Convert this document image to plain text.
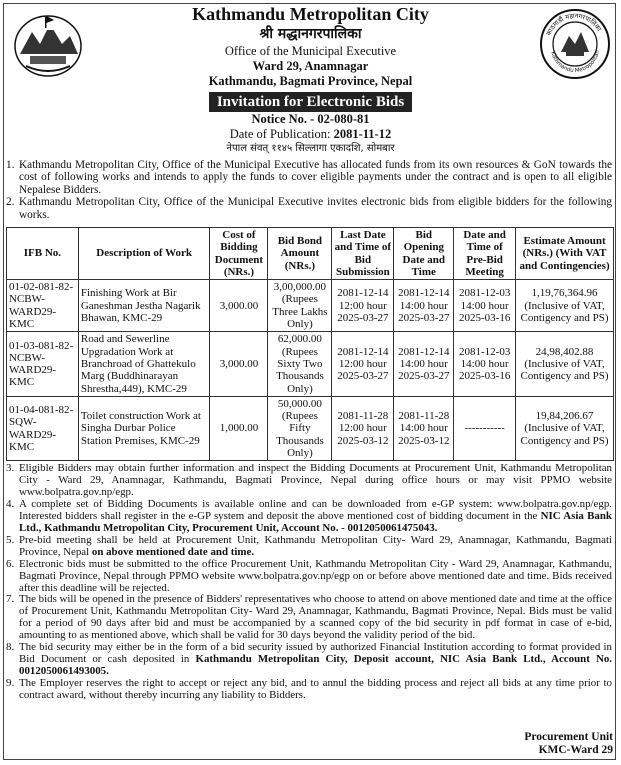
काठमाडौं महानगरपालिका
Kathmandu Metropolitan
Kathmandu Metropolitan City
श्री मद्धानगरपालिका
Office of the Municipal Executive
Ward 29, Anamnagar
Kathmandu, Bagmati Province, Nepal
Invitation for Electronic Bids
Notice No. - 02-080-81
Date of Publication: 2081-11-12
नेपाल संवत् ११४५ सिल्लागा एकादशि, सोमबार
1. Kathmandu Metropolitan City, Office of the Municipal Executive has allocated funds from its own resources & GoN towards the cost of following works and intends to apply the funds to cover eligible payments under the contract and is open to all eligible Nepalese Bidders.
2. Kathmandu Metropolitan City, Office of the Municipal Executive invites electronic bids from eligible bidders for the following works.
IFB No.	Description of Work	Cost of Bidding Document (NRs.)	Bid Bond Amount (NRs.)	Last Date and Time of Bid Submission	Bid Opening Date and Time	Date and Time of Pre-Bid Meeting	Estimate Amount (NRs.) (With VAT and Contingencies)
01-02-081-82-NCBW-WARD29-KMC	Finishing Work at Bir Ganeshman Jestha Nagarik Bhawan, KMC-29	3,000.00	3,00,000.00 (Rupees Three Lakhs Only)	2081-12-14 12:00 hour 2025-03-27	2081-12-14 14:00 hour 2025-03-27	2081-12-03 14:00 hour 2025-03-16	1,19,76,364.96 (Inclusive of VAT, Contigency and PS)
01-03-081-82-NCBW-WARD29-KMC	Road and Sewerline Upgradation Work at Branchroad of Ghattekulo Marg (Buddhinarayan Shrestha,449), KMC-29	3,000.00	62,000.00 (Rupees Sixty Two Thousands Only)	2081-12-14 12:00 hour 2025-03-27	2081-12-14 14:00 hour 2025-03-27	2081-12-03 14:00 hour 2025-03-16	24,98,402.88 (Inclusive of VAT, Contigency and PS)
01-04-081-82-SQW-WARD29-KMC	Toilet construction Work at Singha Durbar Police Station Premises, KMC-29	1,000.00	50,000.00 (Rupees Fifty Thousands Only)	2081-11-28 12:00 hour 2025-03-12	2081-11-28 14:00 hour 2025-03-12	-----------	19,84,206.67 (Inclusive of VAT, Contigency and PS)
3. Eligible Bidders may obtain further information and inspect the Bidding Documents at Procurement Unit, Kathmandu Metropolitan City - Ward 29, Anamnagar, Kathmandu, Bagmati Province, Nepal during office hours or may visit PPMO website www.bolpatra.gov.np/egp.
4. A complete set of Bidding Documents is available online and can be downloaded from e-GP system: www.bolpatra.gov.np/egp. Interested bidders shall register in the e-GP system and deposit the above mentioned cost of bidding document in the NIC Asia Bank Ltd., Kathmandu Metropolitan City, Procurement Unit, Account No. - 0012050061475043.
5. Pre-bid meeting shall be held at Procurement Unit, Kathmandu Metropolitan City- Ward 29, Anamnagar, Kathmandu, Bagmati Province, Nepal on above mentioned date and time.
6. Electronic bids must be submitted to the office Procurement Unit, Kathmandu Metropolitan City - Ward 29, Anamnagar, Kathmandu, Bagmati Province, Nepal through PPMO website www.bolpatra.gov.np/egp on or before above mentioned date and time. Bids received after this deadline will be rejected.
7. The bids will be opened in the presence of Bidders' representatives who choose to attend on above mentioned date and time at the office of Procurement Unit, Kathmandu Metropolitan City- Ward 29, Anamnagar, Kathmandu, Bagmati Province, Nepal. Bids must be valid for a period of 90 days after bid and must be accompanied by a scanned copy of the bid security in pdf format in case of e-bid, amounting to as mentioned above, which shall be valid for 30 days beyond the validity period of the bid.
8. The bid security may either be in the form of a bid security issued by authorized Financial Institution according to format provided in Bid Document or cash deposited in Kathmandu Metropolitan City, Deposit account, NIC Asia Bank Ltd., Account No. 0012050061493005.
9. The Employer reserves the right to accept or reject any bid, and to annul the bidding process and reject all bids at any time prior to contract award, without thereby incurring any liability to Bidders.
Procurement Unit
KMC-Ward 29
